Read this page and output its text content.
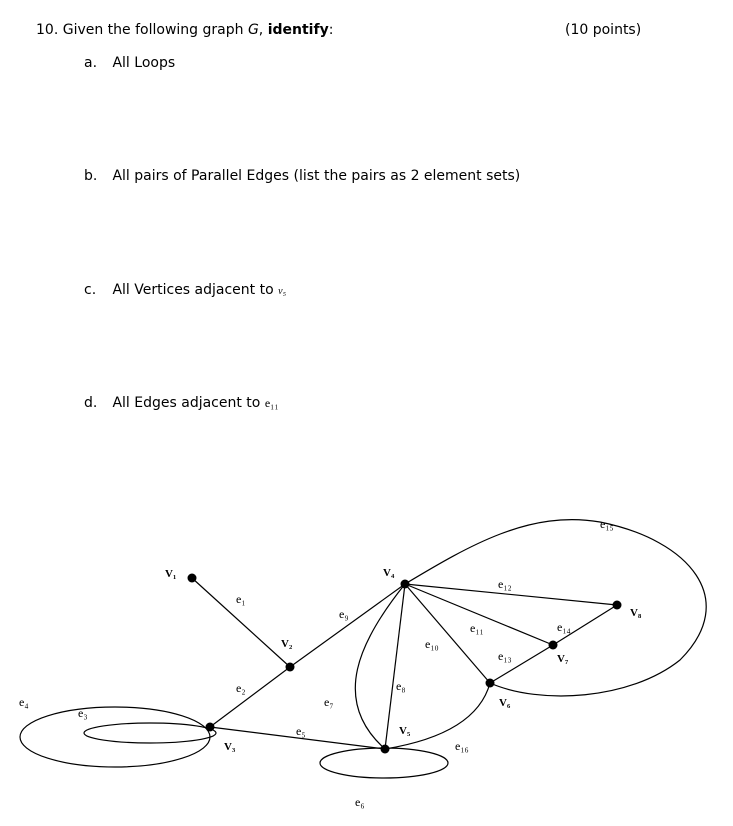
10. Given the following graph G, identify:	(10 points)
a. All Loops
b. All pairs of Parallel Edges (list the pairs as 2 element sets)
c. All Vertices adjacent to v₅
d. All Edges adjacent to e₁₁
V₁
V₂
V₃
V₄
V₅
V₆
V₇
V₈
e₁
e₂
e₃
e₄
e₅
e₆
e₇
e₈
e₉
e₁₀
e₁₁
e₁₂
e₁₃
e₁₄
e₁₅
e₁₆
